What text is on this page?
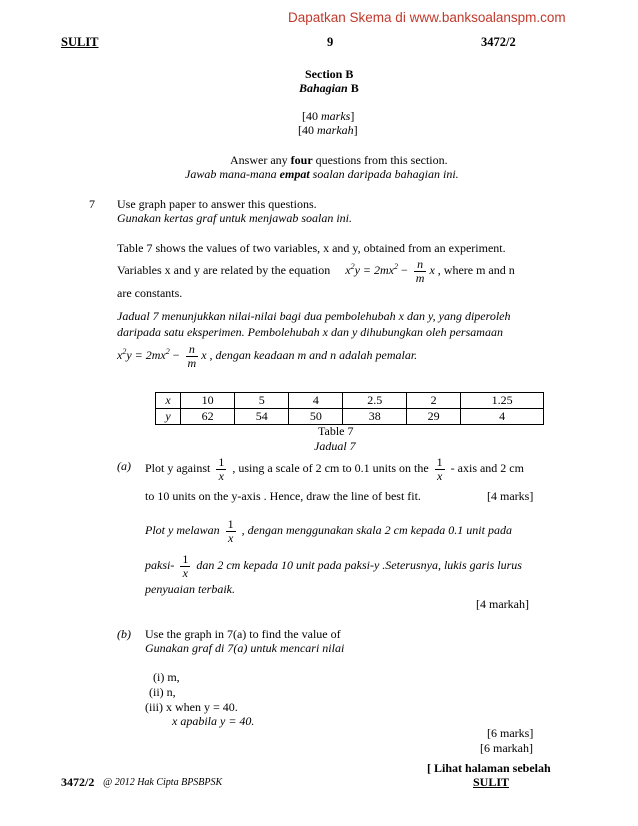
Dapatkan Skema di www.banksoalanspm.com
SULIT	9	3472/2
Section B
Bahagian B
[40 marks]
[40 markah]
Answer any four questions from this section.
Jawab mana-mana empat soalan daripada bahagian ini.
7 Use graph paper to answer this questions.
Gunakan kertas graf untuk menjawab soalan ini.
Table 7 shows the values of two variables, x and y, obtained from an experiment.
Variables x and y are related by the equation $x^2y = 2mx^2 - \frac{n}{m}$ x , where m and n
are constants.
Jadual 7 menunjukkan nilai-nilai bagi dua pembolehubah x dan y, yang diperoleh
daripada satu eksperimen. Pembolehubah x dan y dihubungkan oleh persamaan
$x^2y = 2mx^2 - \frac{n}{m}$ x , dengan keadaan m and n adalah pemalar.
x	10	5	4	2.5	2	1.25
y	62	54	50	38	29	4
Table 7
Jadual 7
(a) Plot y against $\frac{1}{x}$ , using a scale of 2 cm to 0.1 units on the $\frac{1}{x}$ - axis and 2 cm
to 10 units on the y-axis . Hence, draw the line of best fit.	[4 marks]
Plot y melawan $\frac{1}{x}$ , dengan menggunakan skala 2 cm kepada 0.1 unit pada
paksi- $\frac{1}{x}$ dan 2 cm kepada 10 unit pada paksi-y .Seterusnya, lukis garis lurus
penyuaian terbaik.
[4 markah]
(b) Use the graph in 7(a) to find the value of
Gunakan graf di 7(a) untuk mencari nilai
(i) m,
(ii) n,
(iii) x when y = 40.
x apabila y = 40.
[6 marks]
[6 markah]
[ Lihat halaman sebelah
3472/2 @ 2012 Hak Cipta BPSBPSK	SULIT
